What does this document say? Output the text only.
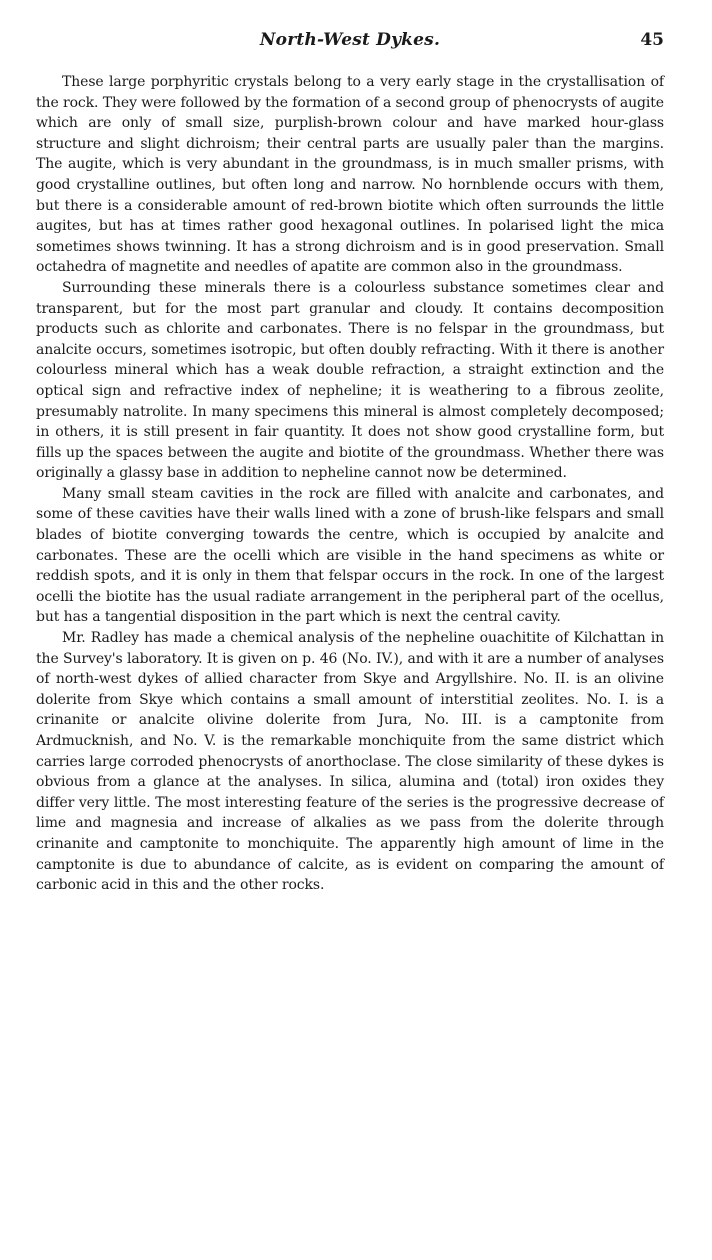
North-West Dykes.	45

These large porphyritic crystals belong to a very early stage in the crystallisation of the rock. They were followed by the formation of a second group of phenocrysts of augite which are only of small size, purplish-brown colour and have marked hour-glass structure and slight dichroism; their central parts are usually paler than the margins. The augite, which is very abundant in the groundmass, is in much smaller prisms, with good crystalline outlines, but often long and narrow. No hornblende occurs with them, but there is a considerable amount of red-brown biotite which often surrounds the little augites, but has at times rather good hexagonal outlines. In polarised light the mica sometimes shows twinning. It has a strong dichroism and is in good preservation. Small octahedra of magnetite and needles of apatite are common also in the groundmass.

Surrounding these minerals there is a colourless substance sometimes clear and transparent, but for the most part granular and cloudy. It contains decomposition products such as chlorite and carbonates. There is no felspar in the groundmass, but analcite occurs, sometimes isotropic, but often doubly refracting. With it there is another colourless mineral which has a weak double refraction, a straight extinction and the optical sign and refractive index of nepheline; it is weathering to a fibrous zeolite, presumably natrolite. In many specimens this mineral is almost completely decomposed; in others, it is still present in fair quantity. It does not show good crystalline form, but fills up the spaces between the augite and biotite of the groundmass. Whether there was originally a glassy base in addition to nepheline cannot now be determined.

Many small steam cavities in the rock are filled with analcite and carbonates, and some of these cavities have their walls lined with a zone of brush-like felspars and small blades of biotite converging towards the centre, which is occupied by analcite and carbonates. These are the ocelli which are visible in the hand specimens as white or reddish spots, and it is only in them that felspar occurs in the rock. In one of the largest ocelli the biotite has the usual radiate arrangement in the peripheral part of the ocellus, but has a tangential disposition in the part which is next the central cavity.

Mr. Radley has made a chemical analysis of the nepheline ouachitite of Kilchattan in the Survey's laboratory. It is given on p. 46 (No. IV.), and with it are a number of analyses of north-west dykes of allied character from Skye and Argyllshire. No. II. is an olivine dolerite from Skye which contains a small amount of interstitial zeolites. No. I. is a crinanite or analcite olivine dolerite from Jura, No. III. is a camptonite from Ardmucknish, and No. V. is the remarkable monchiquite from the same district which carries large corroded phenocrysts of anorthoclase. The close similarity of these dykes is obvious from a glance at the analyses. In silica, alumina and (total) iron oxides they differ very little. The most interesting feature of the series is the progressive decrease of lime and magnesia and increase of alkalies as we pass from the dolerite through crinanite and camptonite to monchiquite. The apparently high amount of lime in the camptonite is due to abundance of calcite, as is evident on comparing the amount of carbonic acid in this and the other rocks.
